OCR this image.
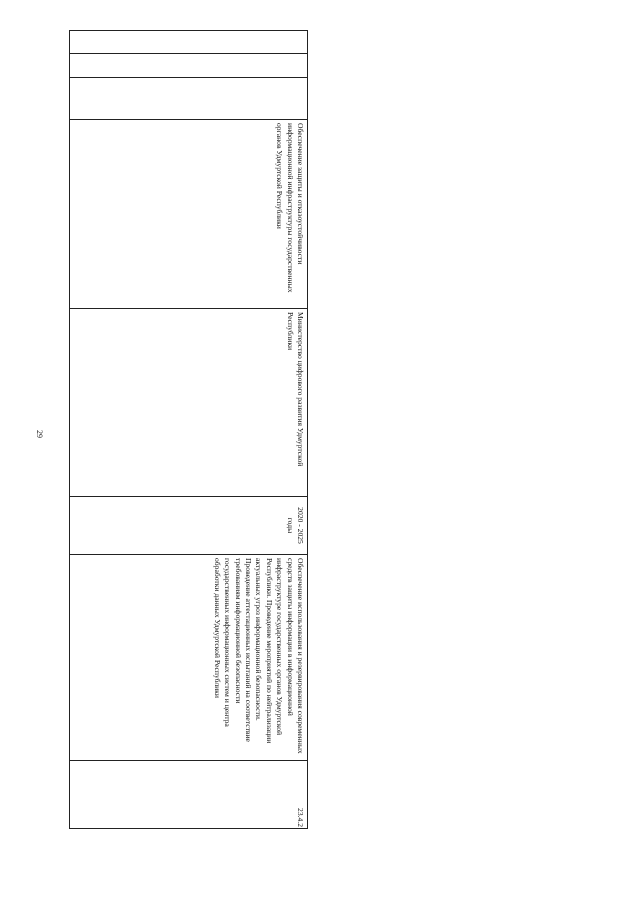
29
Обеспечение защиты и отказоустойчивости информационной инфраструктуры государственных органов Удмуртской Республики
Министерство цифрового развития Удмуртской Республики
2020 - 2025 годы
Обеспечение использования и резервирования современных средств защиты информации в информационной инфраструктуре государственных органов Удмуртской Республики. Проведение мероприятий по нейтрализации актуальных угроз информационной безопасности. Проведение аттестационных испытаний на соответствие требованиям информационной безопасности государственных информационных систем и центра обработки данных Удмуртской Республики
23.4.2
